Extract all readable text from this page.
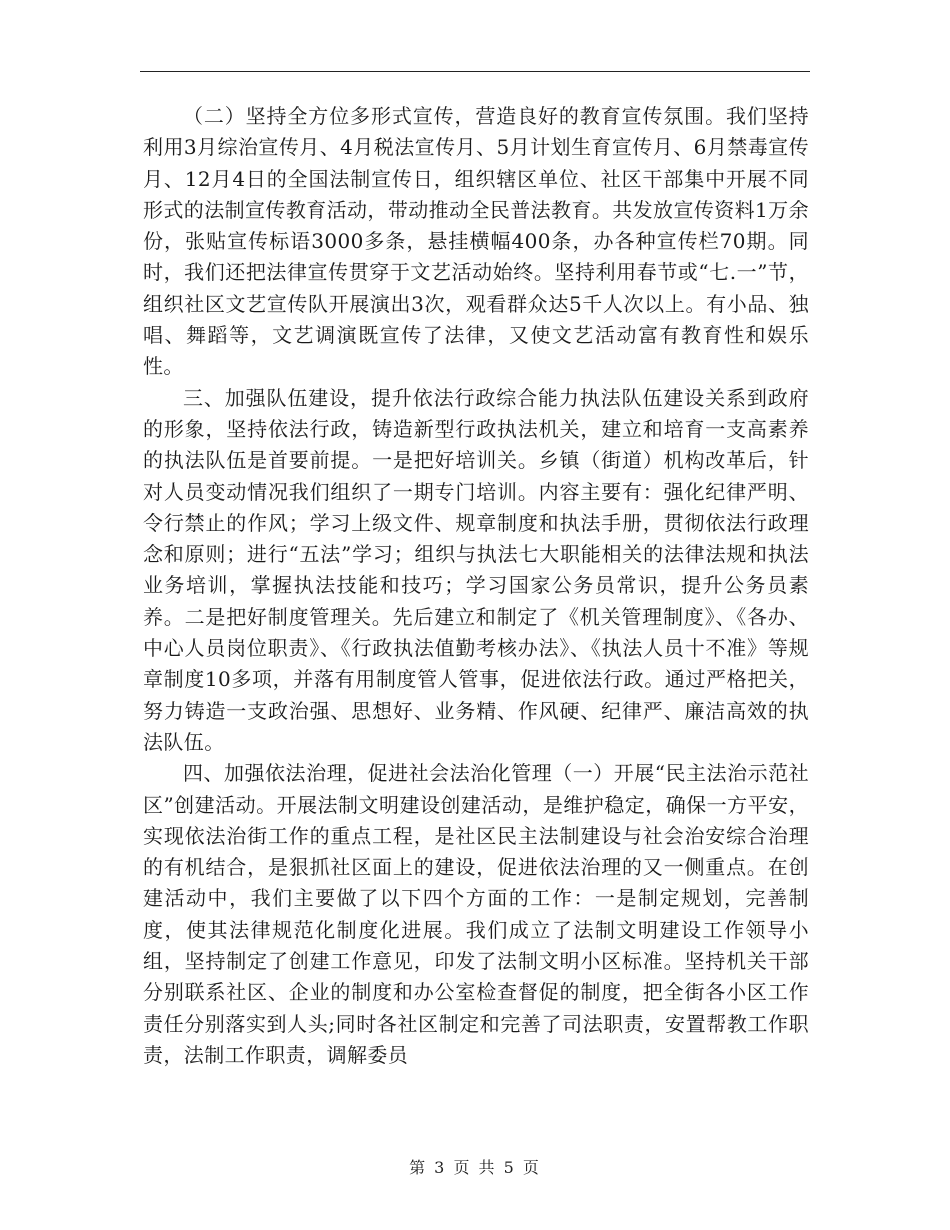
（二）坚持全方位多形式宣传，营造良好的教育宣传氛围。我们坚持利用3月综治宣传月、4月税法宣传月、5月计划生育宣传月、6月禁毒宣传月、12月4日的全国法制宣传日，组织辖区单位、社区干部集中开展不同形式的法制宣传教育活动，带动推动全民普法教育。共发放宣传资料1万余份，张贴宣传标语3000多条，悬挂横幅400条，办各种宣传栏70期。同时，我们还把法律宣传贯穿于文艺活动始终。坚持利用春节或“七.一”节，组织社区文艺宣传队开展演出3次，观看群众达5千人次以上。有小品、独唱、舞蹈等，文艺调演既宣传了法律，又使文艺活动富有教育性和娱乐性。

三、加强队伍建设，提升依法行政综合能力执法队伍建设关系到政府的形象，坚持依法行政，铸造新型行政执法机关，建立和培育一支高素养的执法队伍是首要前提。一是把好培训关。乡镇（街道）机构改革后，针对人员变动情况我们组织了一期专门培训。内容主要有：强化纪律严明、令行禁止的作风；学习上级文件、规章制度和执法手册，贯彻依法行政理念和原则；进行“五法”学习；组织与执法七大职能相关的法律法规和执法业务培训，掌握执法技能和技巧；学习国家公务员常识，提升公务员素养。二是把好制度管理关。先后建立和制定了《机关管理制度》、《各办、中心人员岗位职责》、《行政执法值勤考核办法》、《执法人员十不准》等规章制度10多项，并落有用制度管人管事，促进依法行政。通过严格把关，努力铸造一支政治强、思想好、业务精、作风硬、纪律严、廉洁高效的执法队伍。

四、加强依法治理，促进社会法治化管理（一）开展“民主法治示范社区”创建活动。开展法制文明建设创建活动，是维护稳定，确保一方平安，实现依法治街工作的重点工程，是社区民主法制建设与社会治安综合治理的有机结合，是狠抓社区面上的建设，促进依法治理的又一侧重点。在创建活动中，我们主要做了以下四个方面的工作：一是制定规划，完善制度，使其法律规范化制度化进展。我们成立了法制文明建设工作领导小组，坚持制定了创建工作意见，印发了法制文明小区标准。坚持机关干部分别联系社区、企业的制度和办公室检查督促的制度，把全街各小区工作责任分别落实到人头;同时各社区制定和完善了司法职责，安置帮教工作职责，法制工作职责，调解委员

第 3 页 共 5 页
